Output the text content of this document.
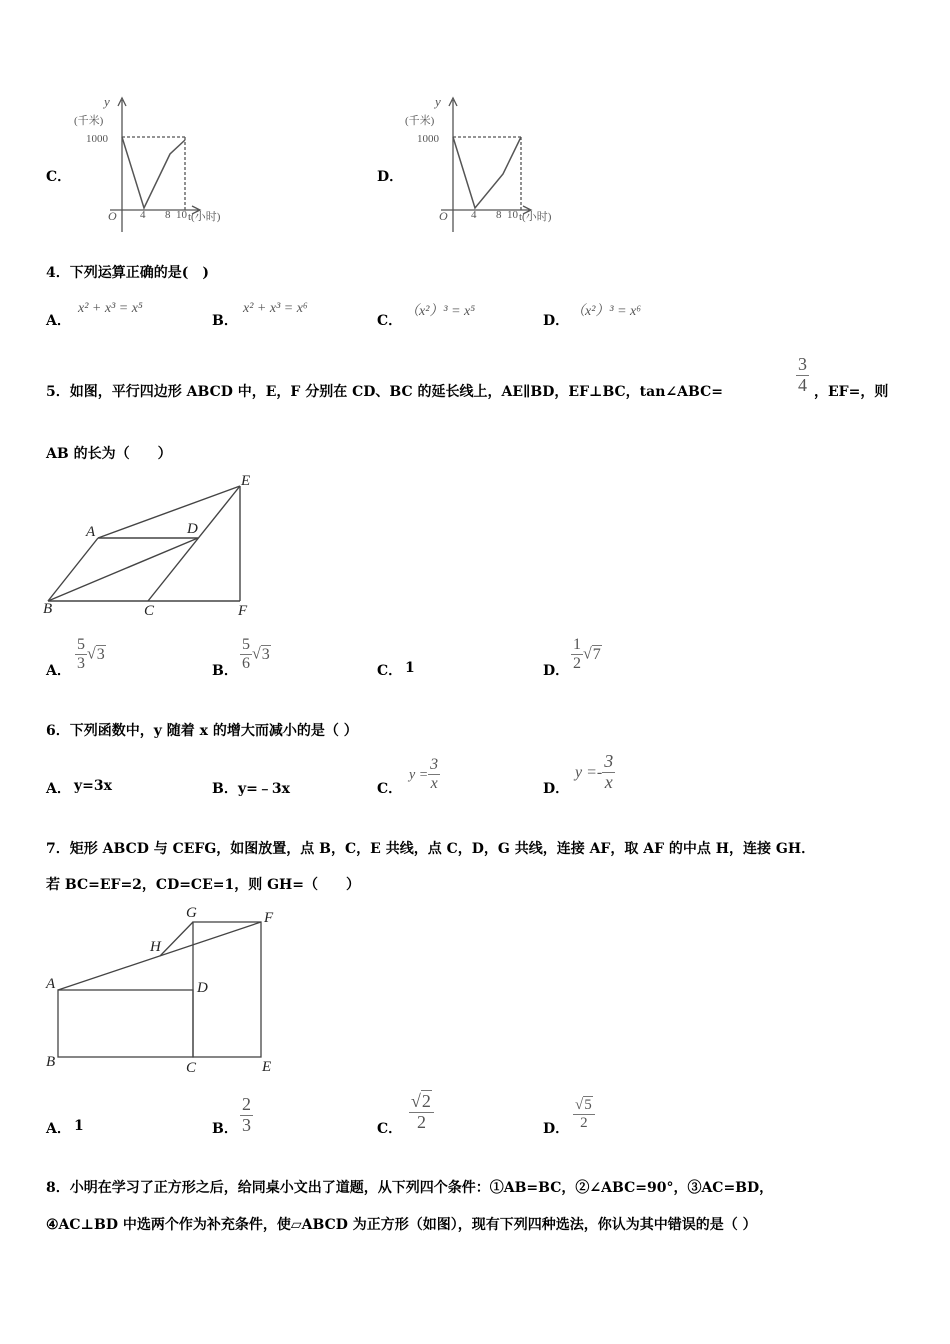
C．
y
(千米)
1000
O 4 8 10 t(小时)
D．
y
(千米)
1000
O 4 8 10 t(小时)
4．下列运算正确的是(　)
A．
x² + x³ = x⁵
B．
x² + x³ = x⁶
C．
（x²）³ = x⁵
D．
（x²）³ = x⁶
5．如图，平行四边形 ABCD 中，E，F 分别在 CD、BC 的延长线上，AE∥BD，EF⊥BC，tan∠ABC=	$\frac{3}{4}$ ，EF=，则
AB 的长为（　　）
A	D
E
B	C	F
A． $\frac{5}{3} √3$
B． $\frac{5}{6} √3$
C． 1	D． $\frac{1}{2} √7$
6．下列函数中，y 随着 x 的增大而减小的是（ ）
A． y=3x	B． y=﹣3x	C．
$y = \frac{3}{x}$	D．
$y =- \frac{3}{x}$
7．矩形 ABCD 与 CEFG，如图放置，点 B，C，E 共线，点 C，D，G 共线，连接 AF，取 AF 的中点 H，连接 GH．
若 BC=EF=2，CD=CE=1，则 GH=（　　）
A
B	C
D
E
F
G
H
A． 1	B． $\frac{2}{3}$	C． $\frac{√2}{2}$	D． $\frac{√5}{2}$
8．小明在学习了正方形之后，给同桌小文出了道题，从下列四个条件：①AB=BC，②∠ABC=90°，③AC=BD，
④AC⊥BD 中选两个作为补充条件，使▱ABCD 为正方形（如图），现有下列四种选法，你认为其中错误的是（ ）
